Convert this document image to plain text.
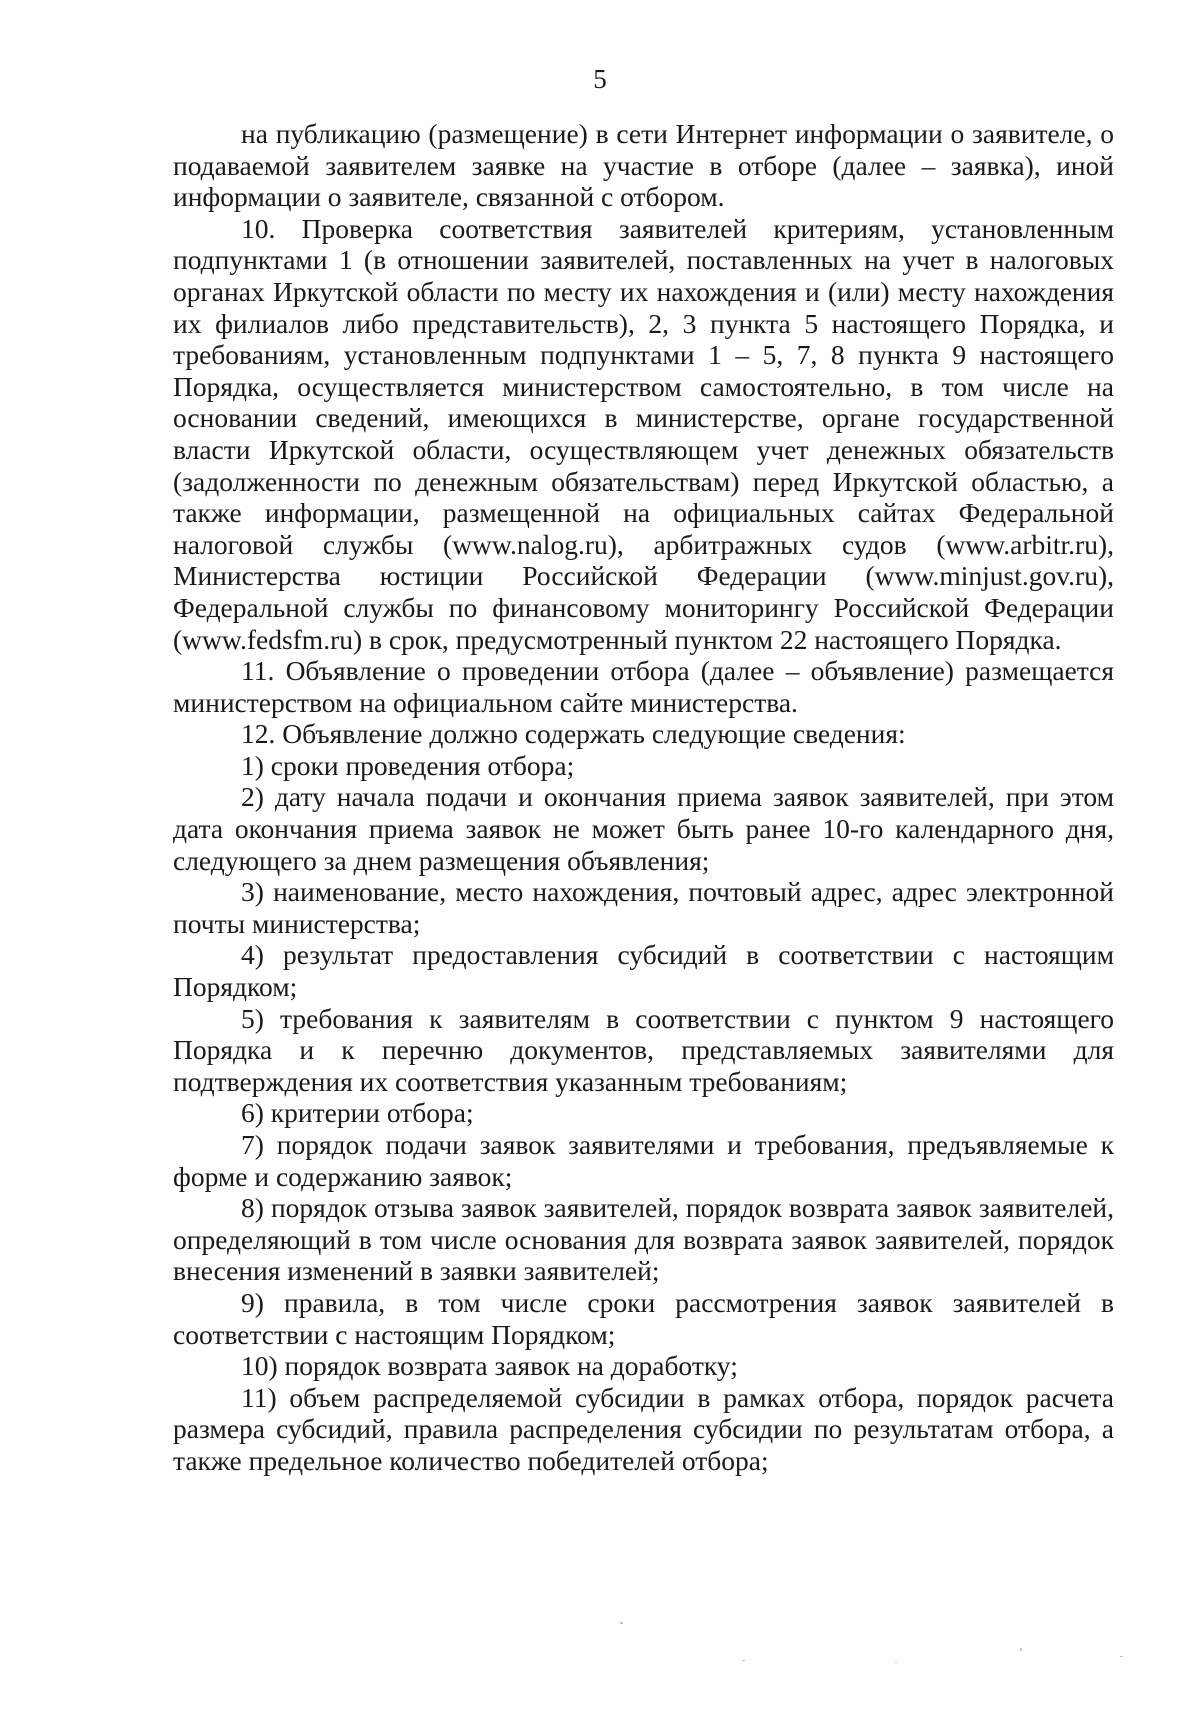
5

на публикацию (размещение) в сети Интернет информации о заявителе, о подаваемой заявителем заявке на участие в отборе (далее – заявка), иной информации о заявителе, связанной с отбором.

10. Проверка соответствия заявителей критериям, установленным подпунктами 1 (в отношении заявителей, поставленных на учет в налоговых органах Иркутской области по месту их нахождения и (или) месту нахождения их филиалов либо представительств), 2, 3 пункта 5 настоящего Порядка, и требованиям, установленным подпунктами 1 – 5, 7, 8 пункта 9 настоящего Порядка, осуществляется министерством самостоятельно, в том числе на основании сведений, имеющихся в министерстве, органе государственной власти Иркутской области, осуществляющем учет денежных обязательств (задолженности по денежным обязательствам) перед Иркутской областью, а также информации, размещенной на официальных сайтах Федеральной налоговой службы (www.nalog.ru), арбитражных судов (www.arbitr.ru), Министерства юстиции Российской Федерации (www.minjust.gov.ru), Федеральной службы по финансовому мониторингу Российской Федерации (www.fedsfm.ru) в срок, предусмотренный пунктом 22 настоящего Порядка.

11. Объявление о проведении отбора (далее – объявление) размещается министерством на официальном сайте министерства.

12. Объявление должно содержать следующие сведения:

1) сроки проведения отбора;

2) дату начала подачи и окончания приема заявок заявителей, при этом дата окончания приема заявок не может быть ранее 10-го календарного дня, следующего за днем размещения объявления;

3) наименование, место нахождения, почтовый адрес, адрес электронной почты министерства;

4) результат предоставления субсидий в соответствии с настоящим Порядком;

5) требования к заявителям в соответствии с пунктом 9 настоящего Порядка и к перечню документов, представляемых заявителями для подтверждения их соответствия указанным требованиям;

6) критерии отбора;

7) порядок подачи заявок заявителями и требования, предъявляемые к форме и содержанию заявок;

8) порядок отзыва заявок заявителей, порядок возврата заявок заявителей, определяющий в том числе основания для возврата заявок заявителей, порядок внесения изменений в заявки заявителей;

9) правила, в том числе сроки рассмотрения заявок заявителей в соответствии с настоящим Порядком;

10) порядок возврата заявок на доработку;

11) объем распределяемой субсидии в рамках отбора, порядок расчета размера субсидий, правила распределения субсидии по результатам отбора, а также предельное количество победителей отбора;
